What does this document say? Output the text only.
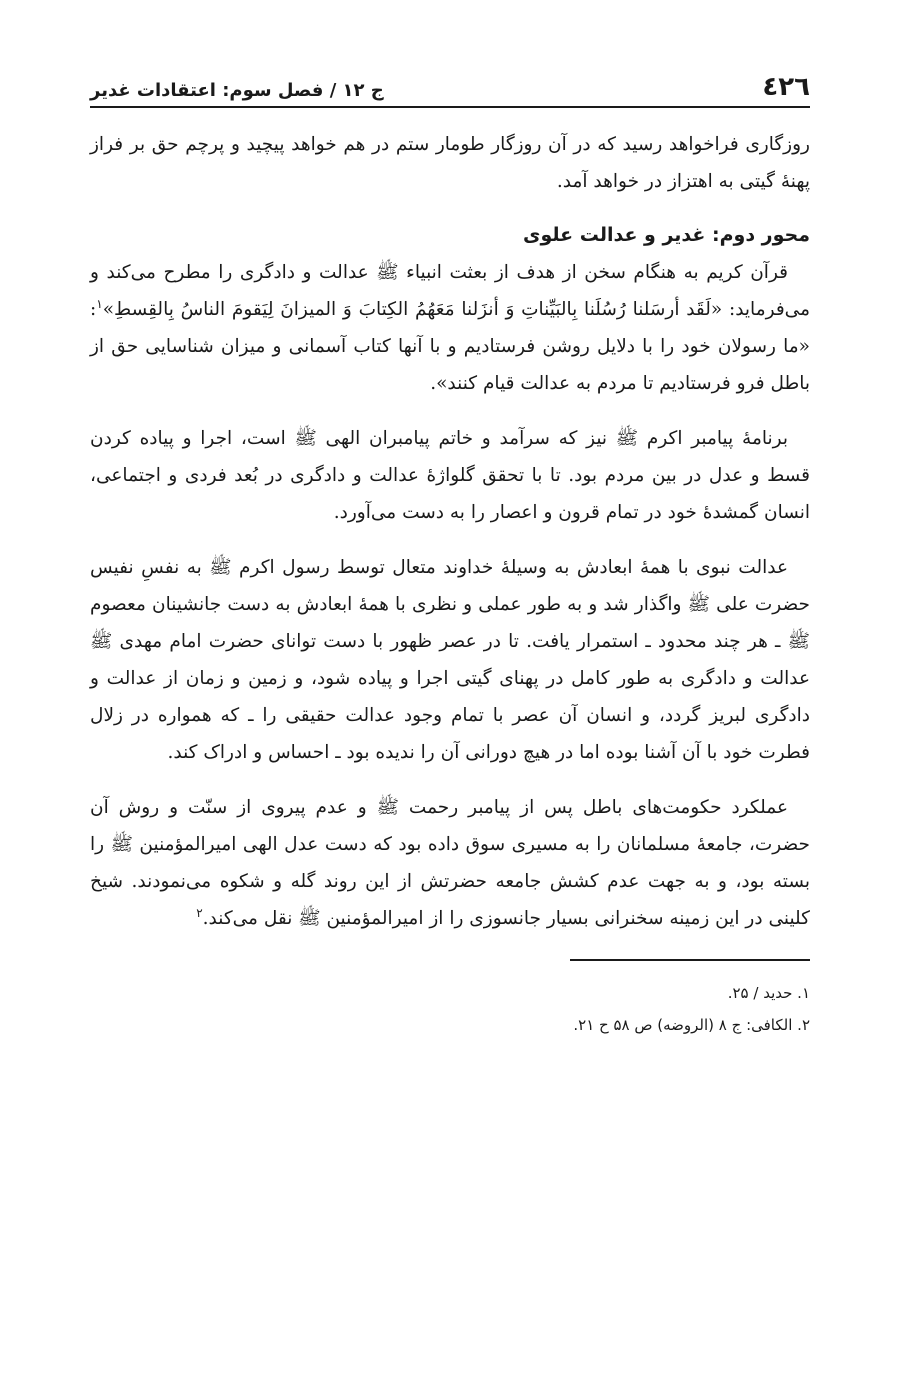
٤٢٦
ج ۱۲ / فصل سوم: اعتقادات غدیر

روزگاری فراخواهد رسید که در آن روزگار طومار ستم در هم خواهد پیچید و پرچم حق بر فراز پهنهٔ گیتی به اهتزاز در خواهد آمد.

محور دوم: غدیر و عدالت علوی

قرآن کریم به هنگام سخن از هدف از بعثت انبیاء ﷺ عدالت و دادگری را مطرح می‌کند و می‌فرماید: «لَقَد أرسَلنا رُسُلَنا بِالبَیِّناتِ وَ أنزَلنا مَعَهُمُ الکِتابَ وَ المیزانَ لِیَقومَ الناسُ بِالقِسطِ»$^۱$: «ما رسولان خود را با دلایل روشن فرستادیم و با آنها کتاب آسمانی و میزان شناسایی حق از باطل فرو فرستادیم تا مردم به عدالت قیام کنند».

برنامهٔ پیامبر اکرم ﷺ نیز که سرآمد و خاتم پیامبران الهی ﷺ است، اجرا و پیاده کردن قسط و عدل در بین مردم بود. تا با تحقق گلواژهٔ عدالت و دادگری در بُعد فردی و اجتماعی، انسان گمشدهٔ خود در تمام قرون و اعصار را به دست می‌آورد.

عدالت نبوی با همهٔ ابعادش به وسیلهٔ خداوند متعال توسط رسول اکرم ﷺ به نفسِ نفیس حضرت علی ﷺ واگذار شد و به طور عملی و نظری با همهٔ ابعادش به دست جانشینان معصوم ﷺ ـ هر چند محدود ـ استمرار یافت. تا در عصر ظهور با دست توانای حضرت امام مهدی ﷺ عدالت و دادگری به طور کامل در پهنای گیتی اجرا و پیاده شود، و زمین و زمان از عدالت و دادگری لبریز گردد، و انسان آن عصر با تمام وجود عدالت حقیقی را ـ که همواره در زلال فطرت خود با آن آشنا بوده اما در هیچ دورانی آن را ندیده بود ـ احساس و ادراک کند.

عملکرد حکومت‌های باطل پس از پیامبر رحمت ﷺ و عدم پیروی از سنّت و روش آن حضرت، جامعهٔ مسلمانان را به مسیری سوق داده بود که دست عدل الهی امیرالمؤمنین ﷺ را بسته بود، و به جهت عدم کشش جامعه حضرتش از این روند گله و شکوه می‌نمودند. شیخ کلینی در این زمینه سخنرانی بسیار جانسوزی را از امیرالمؤمنین ﷺ نقل می‌کند.$^۲$

۱. حدید / ۲۵.

۲. الکافی: ج ۸ (الروضه) ص ۵۸ ح ۲۱.
